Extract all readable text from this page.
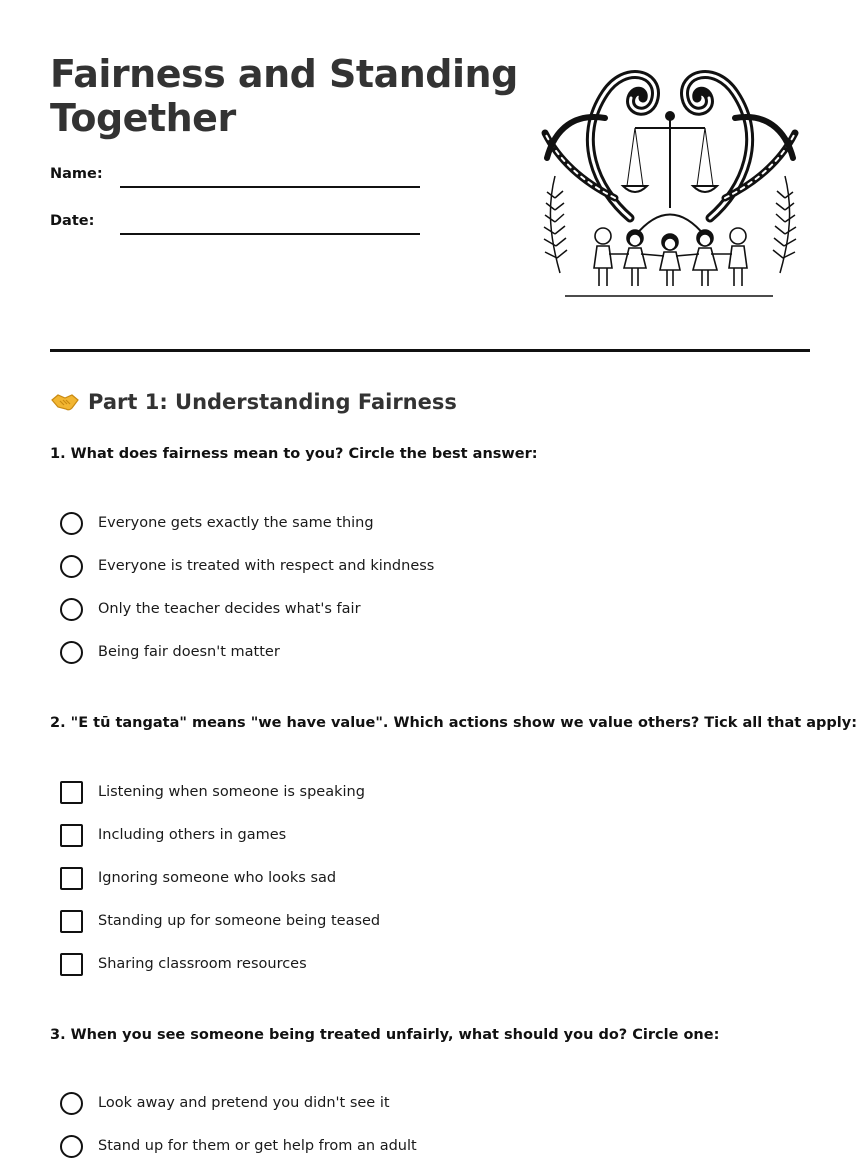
Fairness and Standing Together
Name:
Date:
Part 1: Understanding Fairness
1. What does fairness mean to you? Circle the best answer:
Everyone gets exactly the same thing
Everyone is treated with respect and kindness
Only the teacher decides what's fair
Being fair doesn't matter
2. "E tū tangata" means "we have value". Which actions show we value others? Tick all that apply:
Listening when someone is speaking
Including others in games
Ignoring someone who looks sad
Standing up for someone being teased
Sharing classroom resources
3. When you see someone being treated unfairly, what should you do? Circle one:
Look away and pretend you didn't see it
Stand up for them or get help from an adult
